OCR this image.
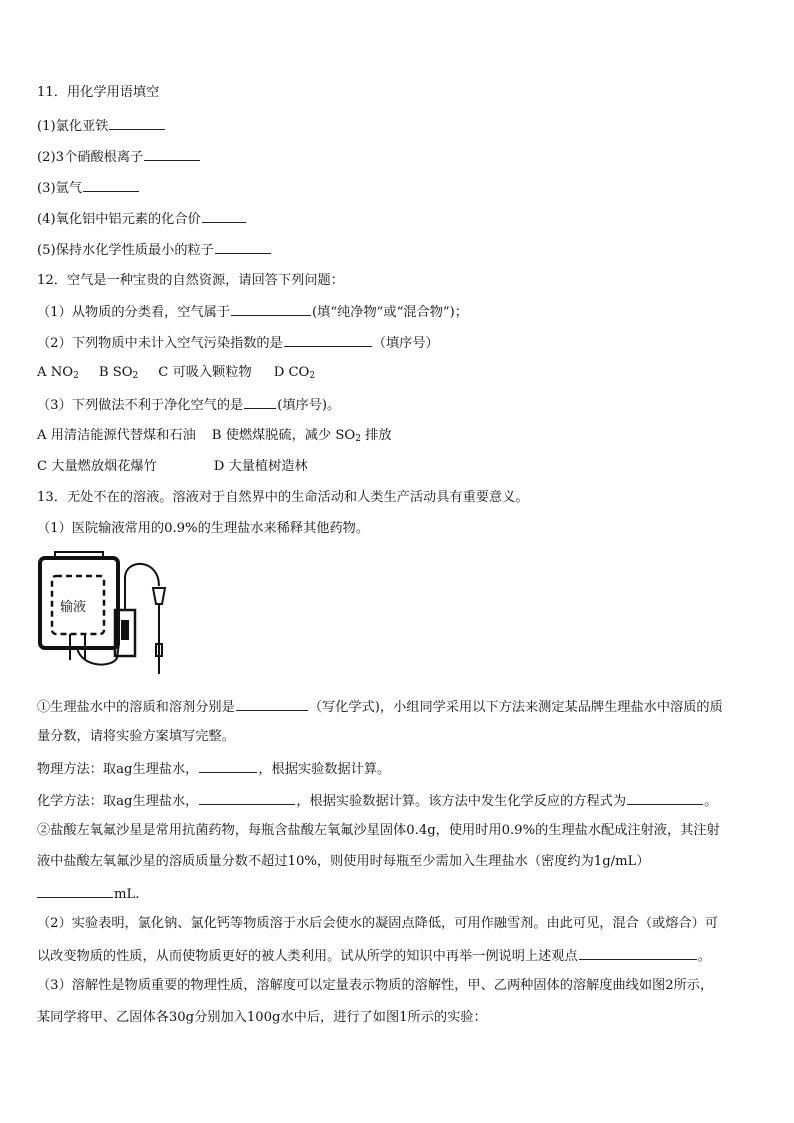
11．用化学用语填空
(1)氯化亚铁
(2)3个硝酸根离子
(3)氩气
(4)氧化铝中铝元素的化合价
(5)保持水化学性质最小的粒子
12．空气是一种宝贵的自然资源，请回答下列问题：
（1）从物质的分类看，空气属于	(填“纯净物”或“混合物”)；
（2）下列物质中未计入空气污染指数的是	（填序号）
A $NO_2$ B $SO_2$ C 可吸入颗粒物 D $CO_2$
（3）下列做法不利于净化空气的是	(填序号)。
A 用清洁能源代替煤和石油 B 使燃煤脱硫，减少 $SO_2$ 排放
C 大量燃放烟花爆竹	D 大量植树造林
13．无处不在的溶液。溶液对于自然界中的生命活动和人类生产活动具有重要意义。
（1）医院输液常用的0.9%的生理盐水来稀释其他药物。
输液
①生理盐水中的溶质和溶剂分别是	（写化学式)，小组同学采用以下方法来测定某品牌生理盐水中溶质的质
量分数，请将实验方案填写完整。
物理方法：取ag生理盐水，	，根据实验数据计算。
化学方法：取ag生理盐水，	，根据实验数据计算。该方法中发生化学反应的方程式为	。
②盐酸左氧氟沙星是常用抗菌药物，每瓶含盐酸左氧氟沙星固体0.4g，使用时用0.9%的生理盐水配成注射液，其注射
液中盐酸左氧氟沙星的溶质质量分数不超过10%，则使用时每瓶至少需加入生理盐水（密度约为1g/mL）
mL.
（2）实验表明，氯化钠、氯化钙等物质溶于水后会使水的凝固点降低，可用作融雪剂。由此可见，混合（或熔合）可
以改变物质的性质，从而使物质更好的被人类利用。试从所学的知识中再举一例说明上述观点	。
（3）溶解性是物质重要的物理性质，溶解度可以定量表示物质的溶解性，甲、乙两种固体的溶解度曲线如图2所示，
某同学将甲、乙固体各30g分别加入100g水中后，进行了如图1所示的实验：
